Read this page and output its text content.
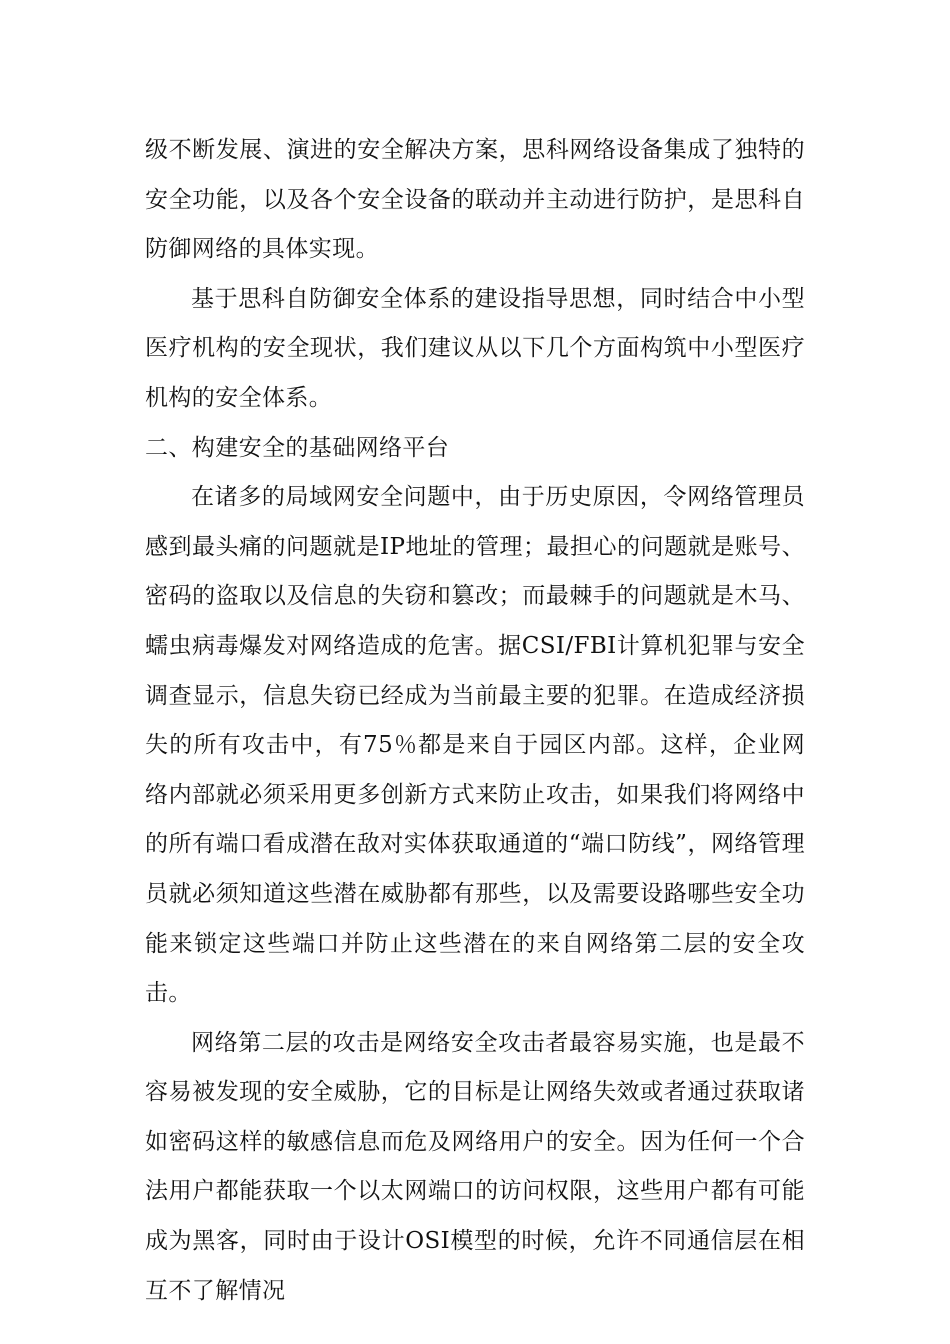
级不断发展、演进的安全解决方案，思科网络设备集成了独特的安全功能，以及各个安全设备的联动并主动进行防护，是思科自防御网络的具体实现。

基于思科自防御安全体系的建设指导思想，同时结合中小型医疗机构的安全现状，我们建议从以下几个方面构筑中小型医疗机构的安全体系。

二、构建安全的基础网络平台

在诸多的局域网安全问题中，由于历史原因，令网络管理员感到最头痛的问题就是IP地址的管理；最担心的问题就是账号、密码的盗取以及信息的失窃和篡改；而最棘手的问题就是木马、蠕虫病毒爆发对网络造成的危害。据CSI/FBI计算机犯罪与安全调查显示，信息失窃已经成为当前最主要的犯罪。在造成经济损失的所有攻击中，有75％都是来自于园区内部。这样，企业网络内部就必须采用更多创新方式来防止攻击，如果我们将网络中的所有端口看成潜在敌对实体获取通道的“端口防线”，网络管理员就必须知道这些潜在威胁都有那些，以及需要设路哪些安全功能来锁定这些端口并防止这些潜在的来自网络第二层的安全攻击。

网络第二层的攻击是网络安全攻击者最容易实施，也是最不容易被发现的安全威胁，它的目标是让网络失效或者通过获取诸如密码这样的敏感信息而危及网络用户的安全。因为任何一个合法用户都能获取一个以太网端口的访问权限，这些用户都有可能成为黑客，同时由于设计OSI模型的时候，允许不同通信层在相互不了解情况
